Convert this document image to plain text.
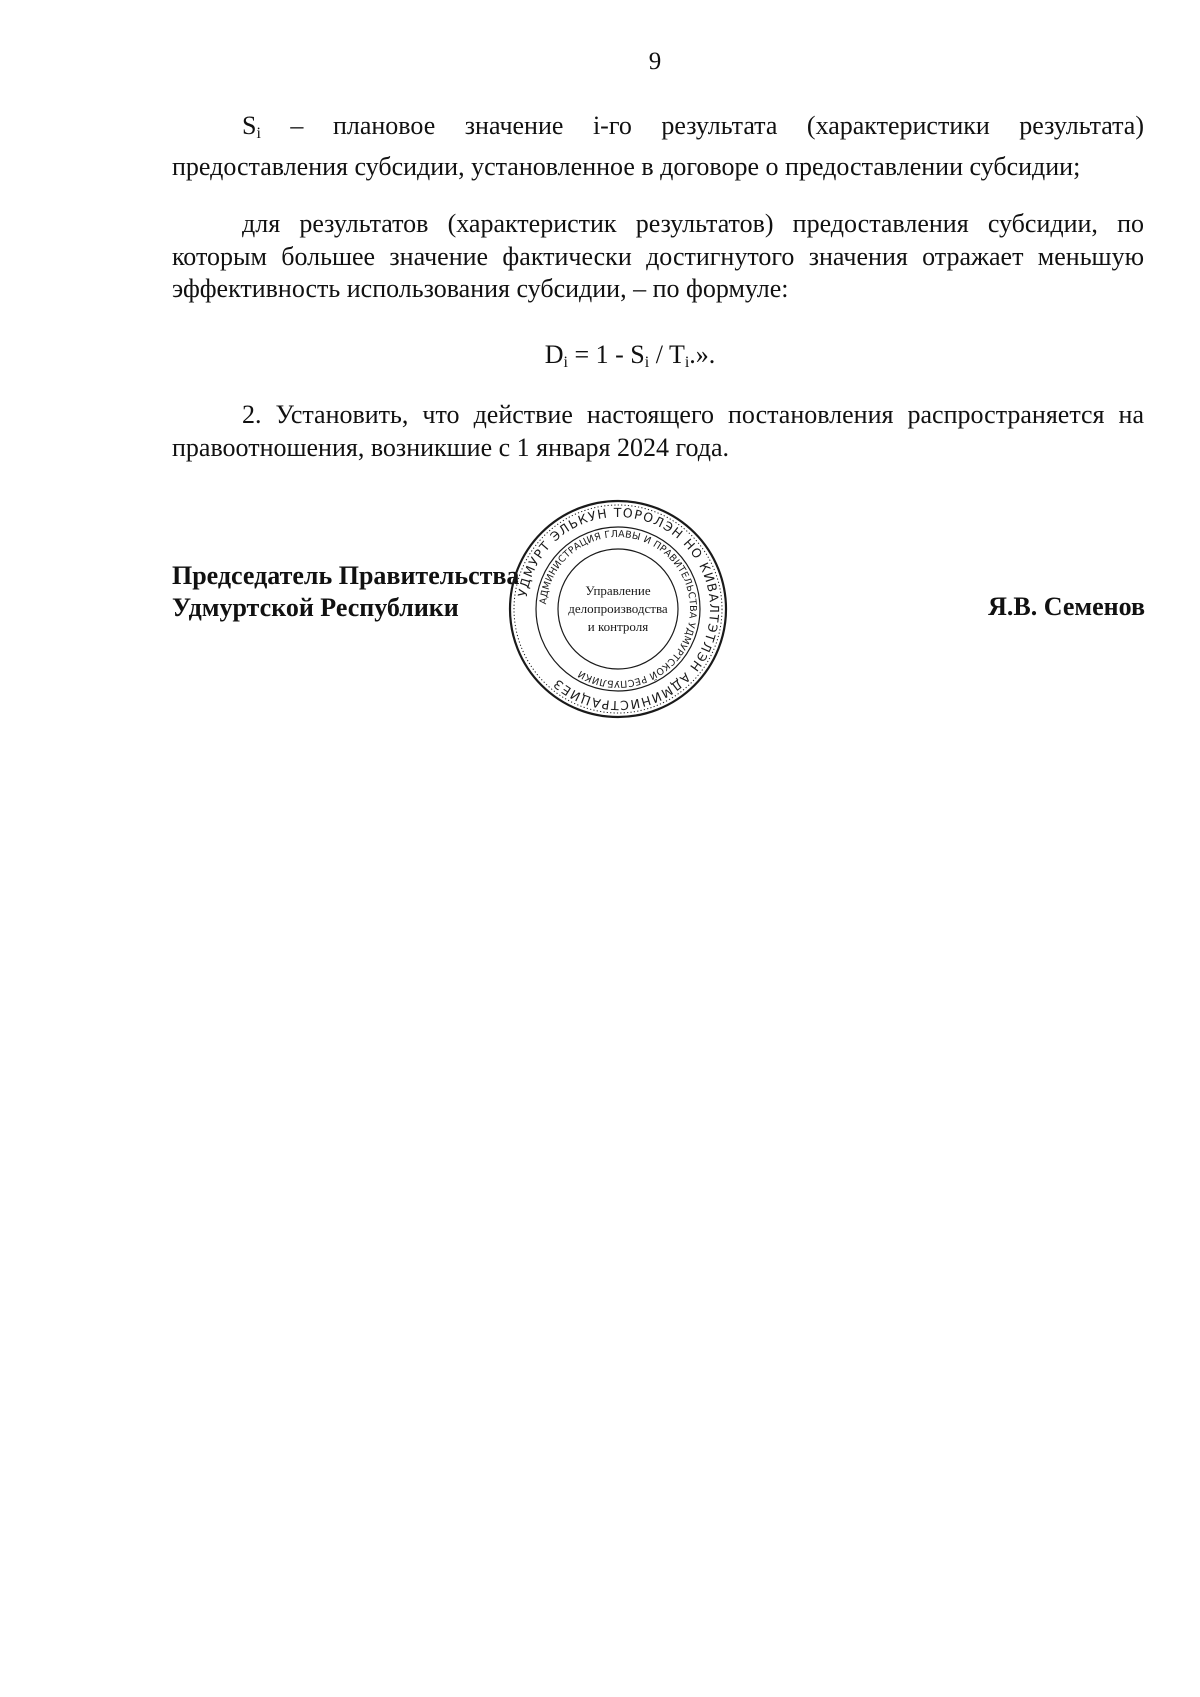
9
$S_i$ – плановое значение i-го результата (характеристики результата) предоставления субсидии, установленное в договоре о предоставлении субсидии;
для результатов (характеристик результатов) предоставления субсидии, по которым большее значение фактически достигнутого значения отражает меньшую эффективность использования субсидии, – по формуле:
$D_i = 1 - S_i / T_i$.».
2. Установить, что действие настоящего постановления распространяется на правоотношения, возникшие с 1 января 2024 года.
Председатель Правительства
Удмуртской Республики	Я.В. Семенов
УДМУРТ ЭЛЬКУН ТОРОЛЭН НО КИВАЛТЭТЛЭН АДМИНИСТРАЦИЕЗ
АДМИНИСТРАЦИЯ ГЛАВЫ И ПРАВИТЕЛЬСТВА УДМУРТСКОЙ РЕСПУБЛИКИ
Управление
делопроизводства
и контроля
